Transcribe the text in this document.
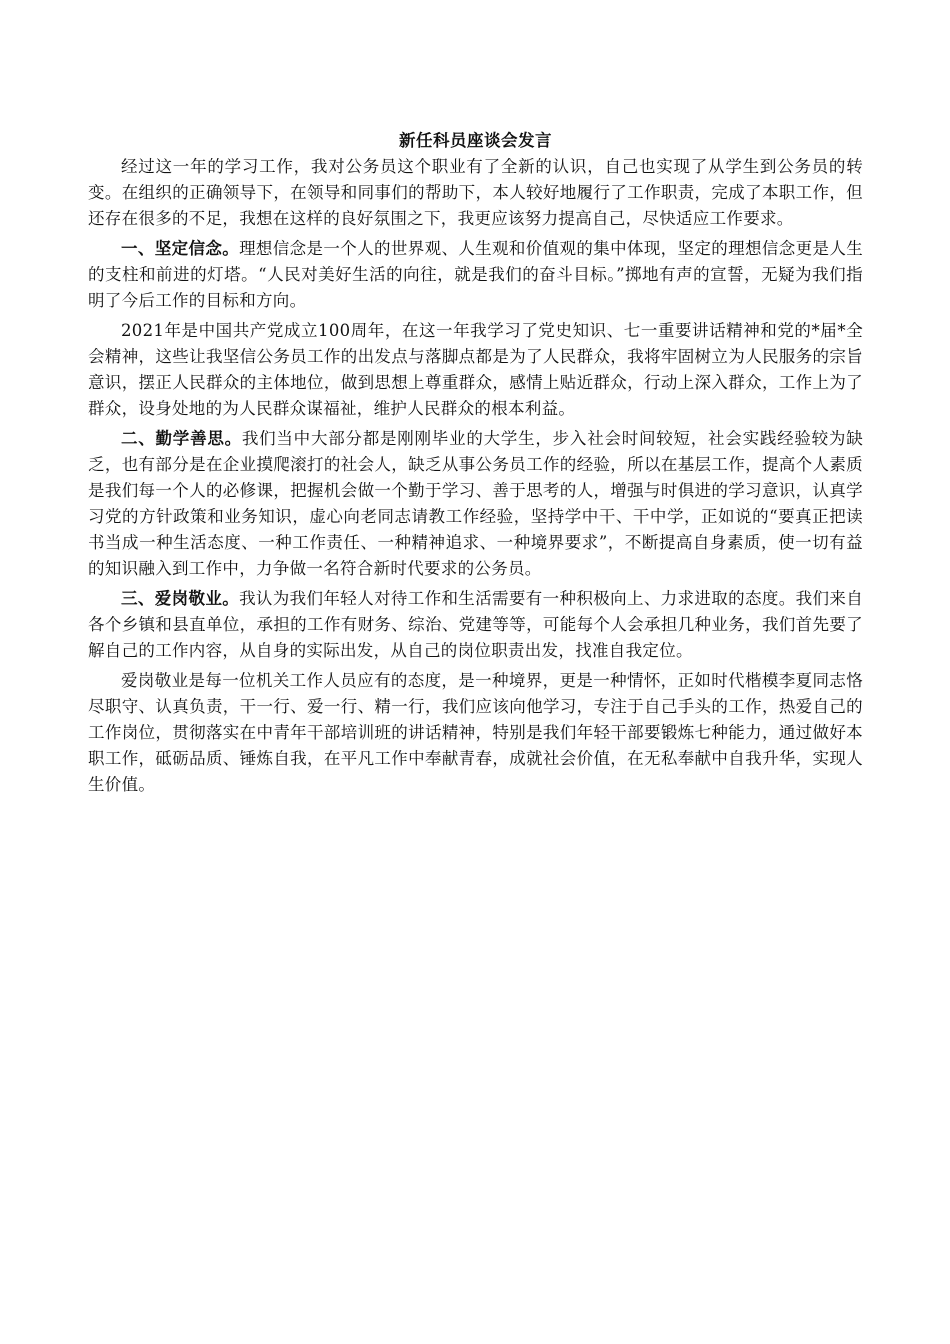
新任科员座谈会发言

经过这一年的学习工作，我对公务员这个职业有了全新的认识，自己也实现了从学生到公务员的转变。在组织的正确领导下，在领导和同事们的帮助下，本人较好地履行了工作职责，完成了本职工作，但还存在很多的不足，我想在这样的良好氛围之下，我更应该努力提高自己，尽快适应工作要求。

一、坚定信念。理想信念是一个人的世界观、人生观和价值观的集中体现，坚定的理想信念更是人生的支柱和前进的灯塔。“人民对美好生活的向往，就是我们的奋斗目标。”掷地有声的宣誓，无疑为我们指明了今后工作的目标和方向。

2021年是中国共产党成立100周年，在这一年我学习了党史知识、七一重要讲话精神和党的*届*全会精神，这些让我坚信公务员工作的出发点与落脚点都是为了人民群众，我将牢固树立为人民服务的宗旨意识，摆正人民群众的主体地位，做到思想上尊重群众，感情上贴近群众，行动上深入群众，工作上为了群众，设身处地的为人民群众谋福祉，维护人民群众的根本利益。

二、勤学善思。我们当中大部分都是刚刚毕业的大学生，步入社会时间较短，社会实践经验较为缺乏，也有部分是在企业摸爬滚打的社会人，缺乏从事公务员工作的经验，所以在基层工作，提高个人素质是我们每一个人的必修课，把握机会做一个勤于学习、善于思考的人，增强与时俱进的学习意识，认真学习党的方针政策和业务知识，虚心向老同志请教工作经验，坚持学中干、干中学，正如说的“要真正把读书当成一种生活态度、一种工作责任、一种精神追求、一种境界要求”，不断提高自身素质，使一切有益的知识融入到工作中，力争做一名符合新时代要求的公务员。

三、爱岗敬业。我认为我们年轻人对待工作和生活需要有一种积极向上、力求进取的态度。我们来自各个乡镇和县直单位，承担的工作有财务、综治、党建等等，可能每个人会承担几种业务，我们首先要了解自己的工作内容，从自身的实际出发，从自己的岗位职责出发，找准自我定位。

爱岗敬业是每一位机关工作人员应有的态度，是一种境界，更是一种情怀，正如时代楷模李夏同志恪尽职守、认真负责，干一行、爱一行、精一行，我们应该向他学习，专注于自己手头的工作，热爱自己的工作岗位，贯彻落实在中青年干部培训班的讲话精神，特别是我们年轻干部要锻炼七种能力，通过做好本职工作，砥砺品质、锤炼自我，在平凡工作中奉献青春，成就社会价值，在无私奉献中自我升华，实现人生价值。
